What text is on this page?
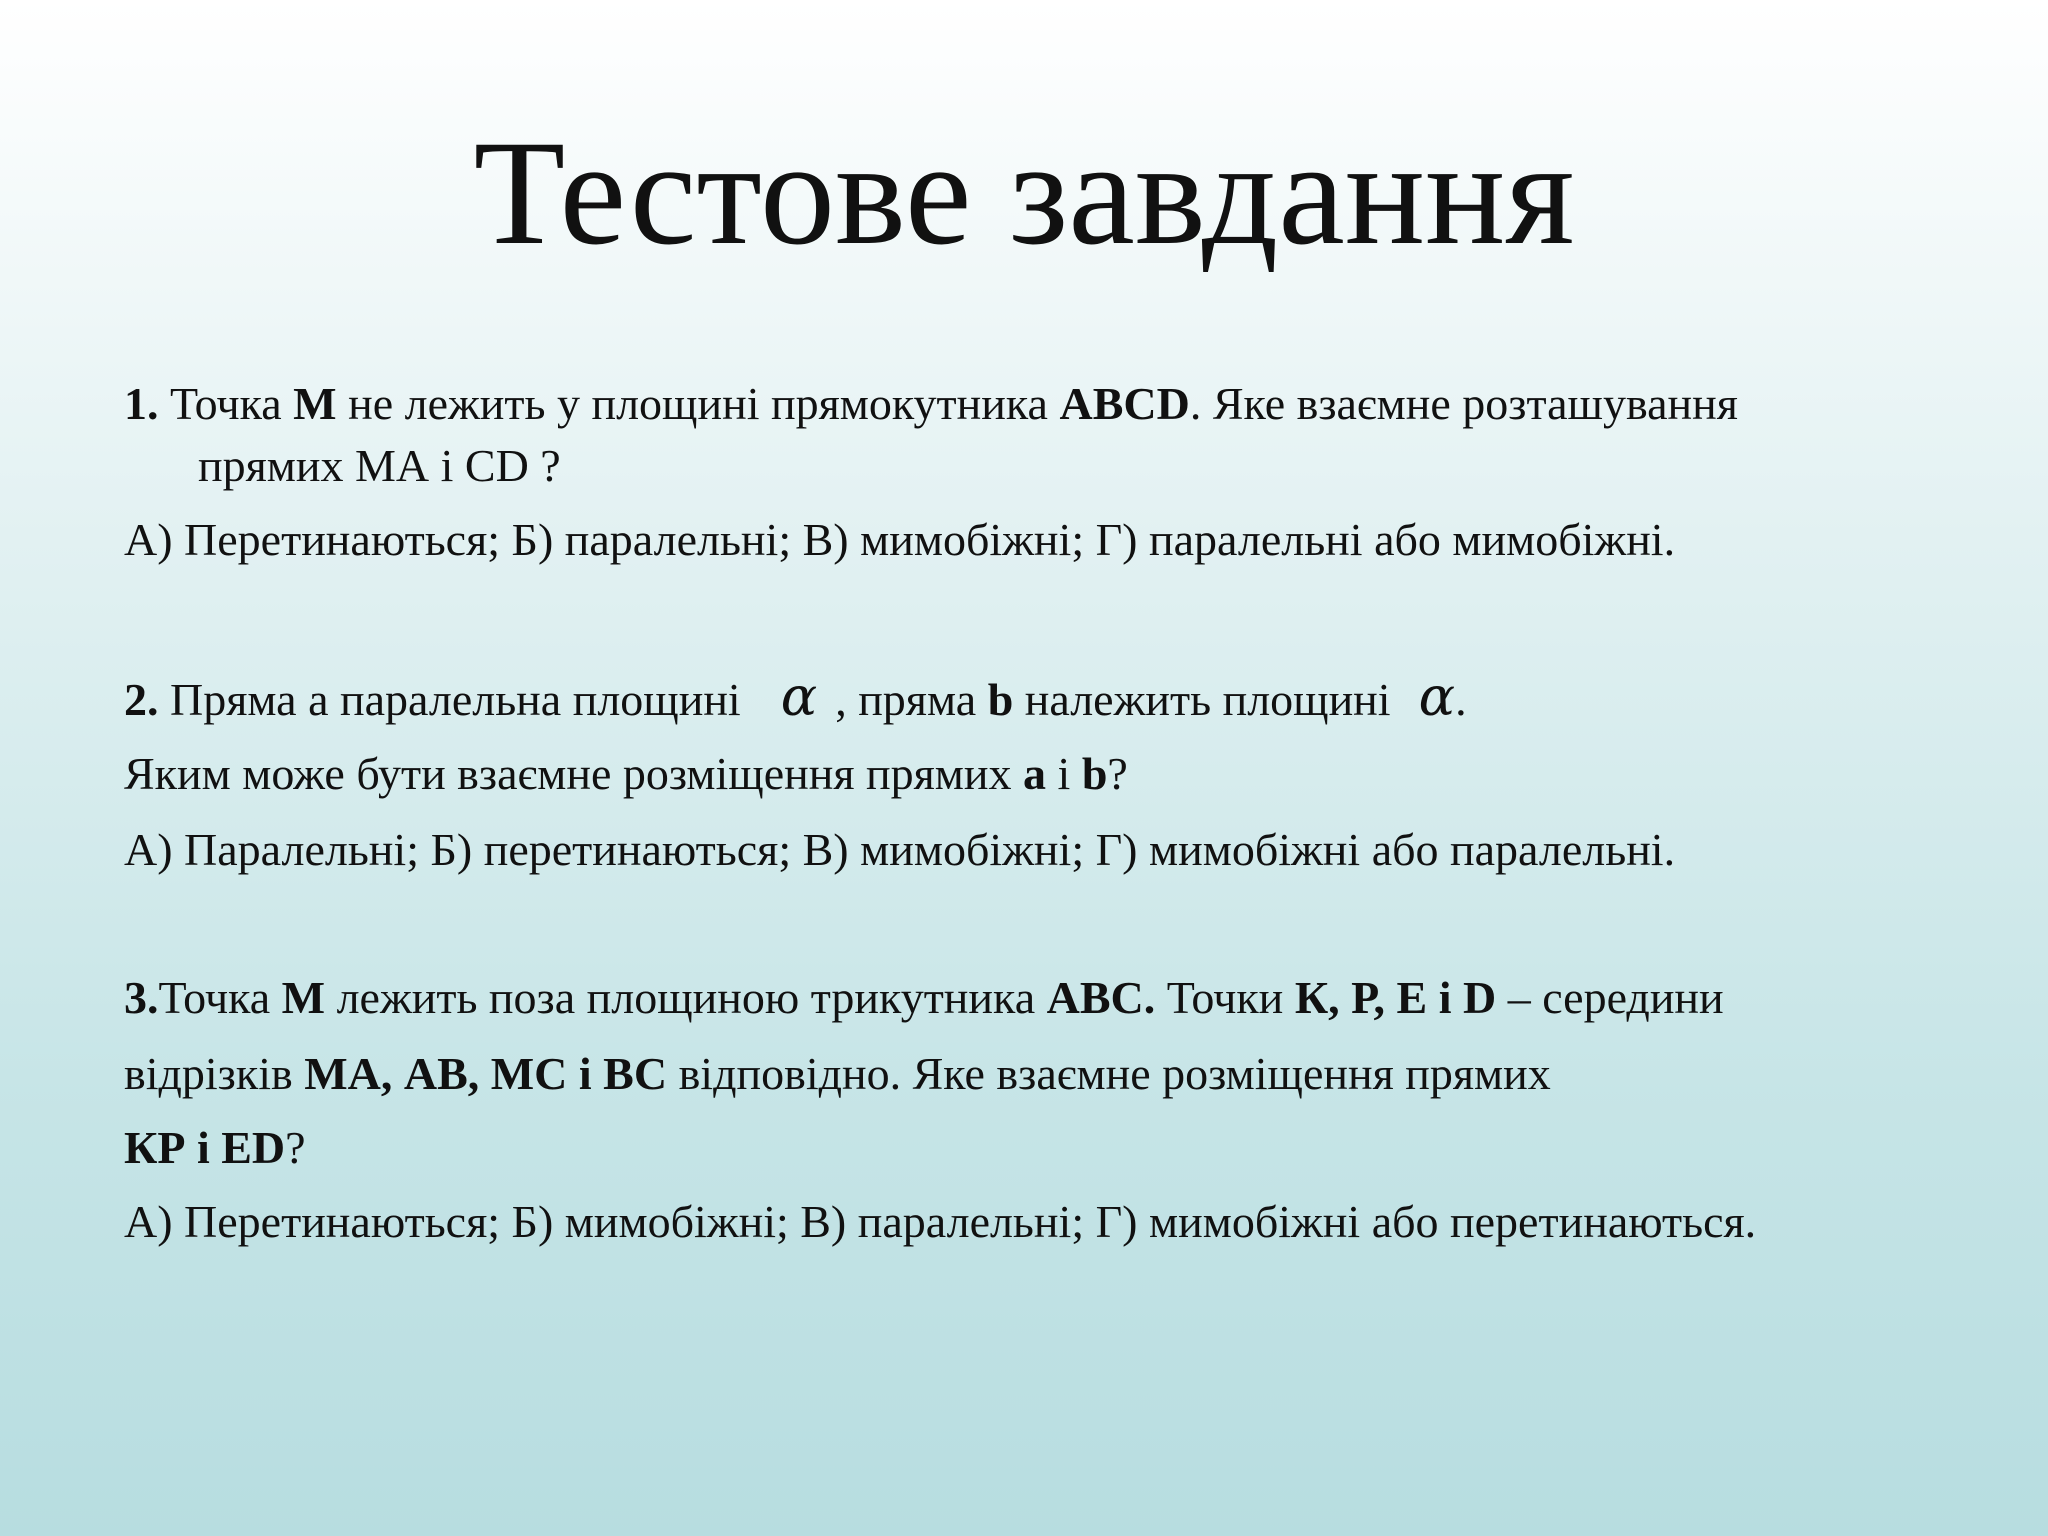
Тестове завдання
1. Точка М не лежить у площині прямокутника ABCD. Яке взаємне розташування
прямих МА і CD ?
А) Перетинаються; Б) паралельні; В) мимобіжні; Г) паралельні або мимобіжні.
2. Пряма а паралельна площині α , пряма b належить площині α.
Яким може бути взаємне розміщення прямих a і b?
А) Паралельні; Б) перетинаються; В) мимобіжні; Г) мимобіжні або паралельні.
3.Точка M лежить поза площиною трикутника ABC. Точки К, Р, Е і D – середини
відрізків МА, АВ, МС і ВС відповідно. Яке взаємне розміщення прямих
КР і ЕD?
А) Перетинаються; Б) мимобіжні; В) паралельні; Г) мимобіжні або перетинаються.
